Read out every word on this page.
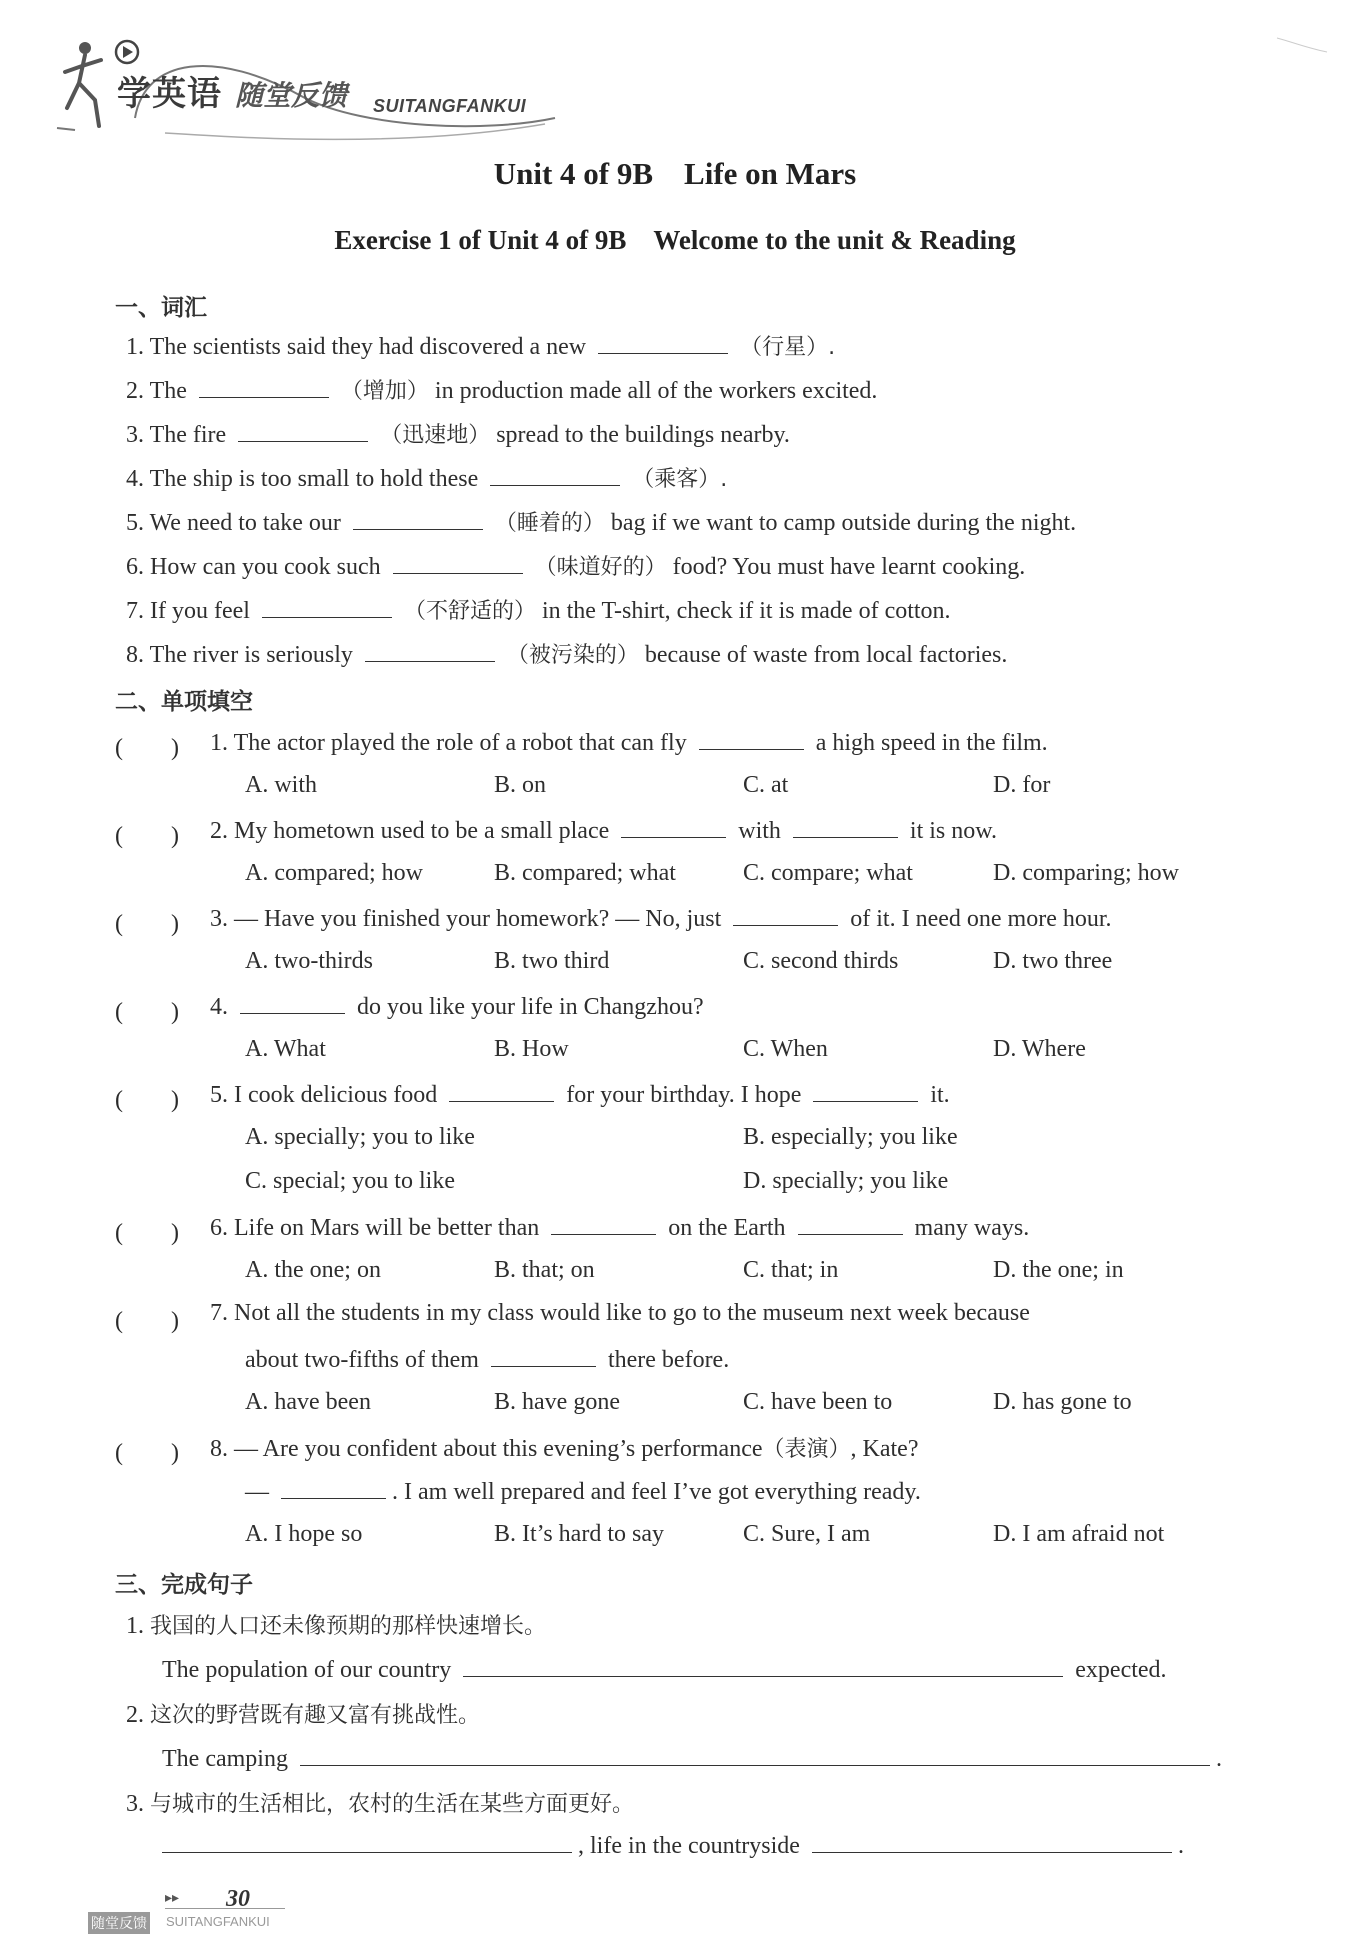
学英语 随堂反馈 SUITANGFANKUI
Unit 4 of 9B　Life on Mars
Exercise 1 of Unit 4 of 9B　Welcome to the unit & Reading
一、词汇
1. The scientists said they had discovered a new	（行星）.
2. The	（增加） in production made all of the workers excited.
3. The fire	（迅速地） spread to the buildings nearby.
4. The ship is too small to hold these	（乘客）.
5. We need to take our	（睡着的） bag if we want to camp outside during the night.
6. How can you cook such	（味道好的） food? You must have learnt cooking.
7. If you feel	（不舒适的） in the T-shirt, check if it is made of cotton.
8. The river is seriously	（被污染的） because of waste from local factories.
二、单项填空
(　　) 1. The actor played the role of a robot that can fly	a high speed in the film.
A. with	B. on	C. at	D. for
(　　) 2. My hometown used to be a small place	with	it is now.
A. compared; how	B. compared; what	C. compare; what	D. comparing; how
(　　) 3. — Have you finished your homework? — No, just	of it. I need one more hour.
A. two-thirds	B. two third	C. second thirds	D. two three
(　　) 4.	do you like your life in Changzhou?
A. What	B. How	C. When	D. Where
(　　) 5. I cook delicious food	for your birthday. I hope	it.
A. specially; you to like	B. especially; you like
C. special; you to like	D. specially; you like
(　　) 6. Life on Mars will be better than	on the Earth	many ways.
A. the one; on	B. that; on	C. that; in	D. the one; in
(　　) 7. Not all the students in my class would like to go to the museum next week because
about two-fifths of them	there before.
A. have been	B. have gone	C. have been to	D. has gone to
(　　) 8. — Are you confident about this evening’s performance（表演）, Kate?
—	. I am well prepared and feel I’ve got everything ready.
A. I hope so	B. It’s hard to say	C. Sure, I am	D. I am afraid not
三、完成句子
1. 我国的人口还未像预期的那样快速增长。
The population of our country	expected.
2. 这次的野营既有趣又富有挑战性。
The camping	.
3. 与城市的生活相比，农村的生活在某些方面更好。
, life in the countryside	.
▸▸ 30
随堂反馈 SUITANGFANKUI
